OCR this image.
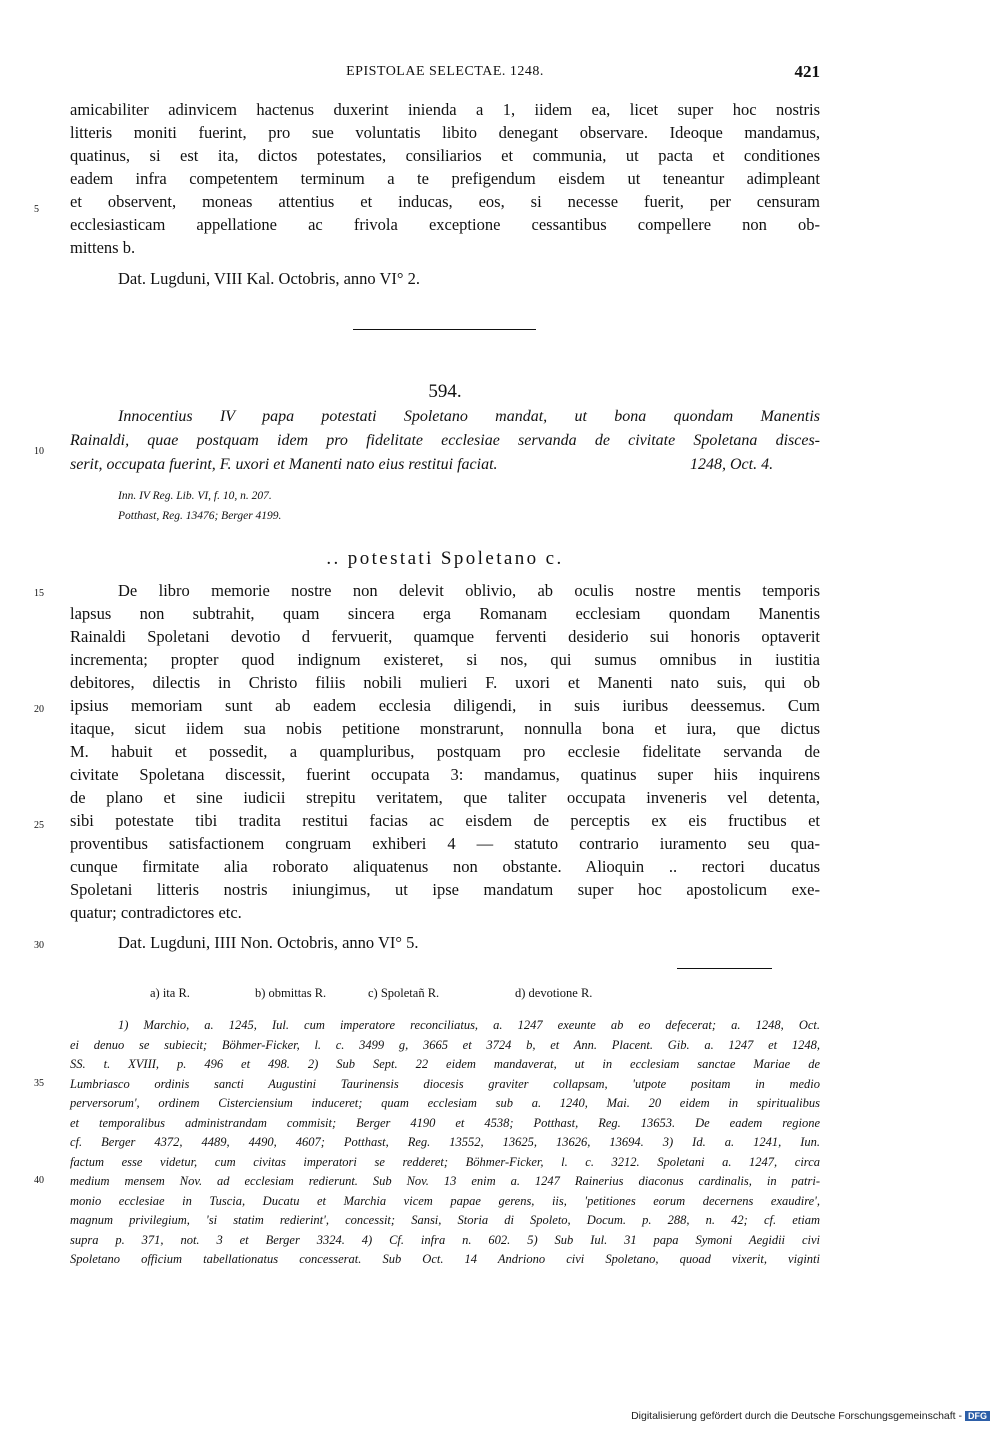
EPISTOLAE SELECTAE. 1248.	421
amicabiliter adinvicem hactenus duxerint inienda a 1, iidem ea, licet super hoc nostris
litteris moniti fuerint, pro sue voluntatis libito denegant observare. Ideoque mandamus,
quatinus, si est ita, dictos potestates, consiliarios et communia, ut pacta et conditiones
eadem infra competentem terminum a te prefigendum eisdem ut teneantur adimpleant
et observent, moneas attentius et inducas, eos, si necesse fuerit, per censuram
ecclesiasticam appellatione ac frivola exceptione cessantibus compellere non ob-
mittens b.
Dat. Lugduni, VIII Kal. Octobris, anno VI° 2.
5
594.
Innocentius IV papa potestati Spoletano mandat, ut bona quondam Manentis
Rainaldi, quae postquam idem pro fidelitate ecclesiae servanda de civitate Spoletana disces-
serit, occupata fuerint, F. uxori et Manenti nato eius restitui faciat.	1248, Oct. 4.
10
Inn. IV Reg. Lib. VI, f. 10, n. 207.
Potthast, Reg. 13476; Berger 4199.
.. potestati Spoletano c.
De libro memorie nostre non delevit oblivio, ab oculis nostre mentis temporis
lapsus non subtrahit, quam sincera erga Romanam ecclesiam quondam Manentis
Rainaldi Spoletani devotio d fervuerit, quamque ferventi desiderio sui honoris optaverit
incrementa; propter quod indignum existeret, si nos, qui sumus omnibus in iustitia
debitores, dilectis in Christo filiis nobili mulieri F. uxori et Manenti nato suis, qui ob
ipsius memoriam sunt ab eadem ecclesia diligendi, in suis iuribus deessemus. Cum
itaque, sicut iidem sua nobis petitione monstrarunt, nonnulla bona et iura, que dictus
M. habuit et possedit, a quampluribus, postquam pro ecclesie fidelitate servanda de
civitate Spoletana discessit, fuerint occupata 3: mandamus, quatinus super hiis inquirens
de plano et sine iudicii strepitu veritatem, que taliter occupata inveneris vel detenta,
sibi potestate tibi tradita restitui facias ac eisdem de perceptis ex eis fructibus et
proventibus satisfactionem congruam exhiberi 4 — statuto contrario iuramento seu qua-
cunque firmitate alia roborato aliquatenus non obstante. Alioquin .. rectori ducatus
Spoletani litteris nostris iniungimus, ut ipse mandatum super hoc apostolicum exe-
quatur; contradictores etc.
Dat. Lugduni, IIII Non. Octobris, anno VI° 5.
15
20
25
30
a) ita R.	b) obmittas R.	c) Spoletañ R.	d) devotione R.
1) Marchio, a. 1245, Iul. cum imperatore reconciliatus, a. 1247 exeunte ab eo defecerat; a. 1248, Oct.
ei denuo se subiecit; Böhmer-Ficker, l. c. 3499 g, 3665 et 3724 b, et Ann. Placent. Gib. a. 1247 et 1248,
SS. t. XVIII, p. 496 et 498. 2) Sub Sept. 22 eidem mandaverat, ut in ecclesiam sanctae Mariae de
Lumbriasco ordinis sancti Augustini Taurinensis diocesis graviter collapsam, 'utpote positam in medio
perversorum', ordinem Cisterciensium induceret; quam ecclesiam sub a. 1240, Mai. 20 eidem in spiritualibus
et temporalibus administrandam commisit; Berger 4190 et 4538; Potthast, Reg. 13653. De eadem regione
cf. Berger 4372, 4489, 4490, 4607; Potthast, Reg. 13552, 13625, 13626, 13694. 3) Id. a. 1241, Iun.
factum esse videtur, cum civitas imperatori se redderet; Böhmer-Ficker, l. c. 3212. Spoletani a. 1247, circa
medium mensem Nov. ad ecclesiam redierunt. Sub Nov. 13 enim a. 1247 Rainerius diaconus cardinalis, in patri-
monio ecclesiae in Tuscia, Ducatu et Marchia vicem papae gerens, iis, 'petitiones eorum decernens exaudire',
magnum privilegium, 'si statim redierint', concessit; Sansi, Storia di Spoleto, Docum. p. 288, n. 42; cf. etiam
supra p. 371, not. 3 et Berger 3324. 4) Cf. infra n. 602. 5) Sub Iul. 31 papa Symoni Aegidii civi
Spoletano officium tabellationatus concesserat. Sub Oct. 14 Andriono civi Spoletano, quoad vixerit, viginti
35
40
Digitalisierung gefördert durch die Deutsche Forschungsgemeinschaft - DFG
